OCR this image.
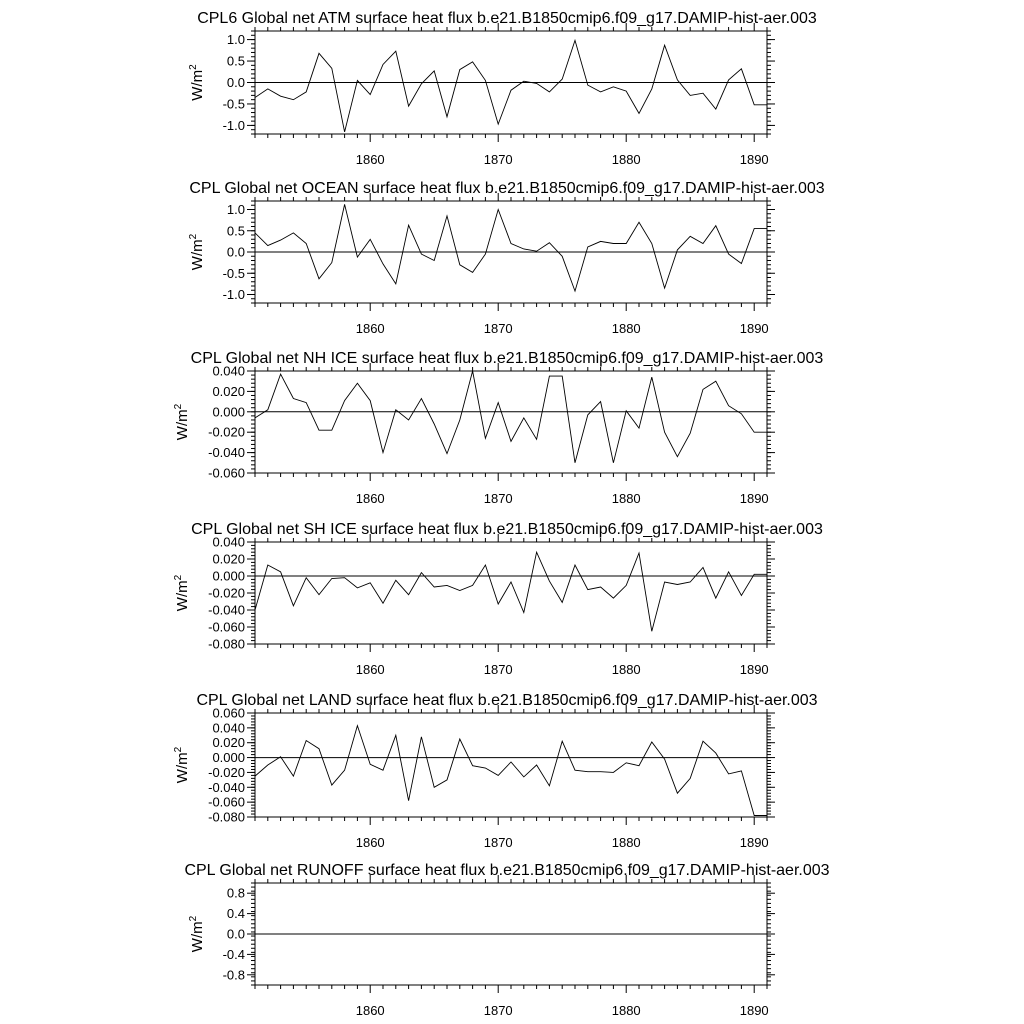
CPL6 Global net ATM surface heat flux b.e21.B1850cmip6.f09_g17.DAMIP-hist-aer.003
1860	1870	1880	1890
1.0
0.5
0.0
-0.5
-1.0
$W/m^2$
CPL Global net OCEAN surface heat flux b.e21.B1850cmip6.f09_g17.DAMIP-hist-aer.003
1860	1870	1880	1890
1.0
0.5
0.0
-0.5
-1.0
$W/m^2$
CPL Global net NH ICE surface heat flux b.e21.B1850cmip6.f09_g17.DAMIP-hist-aer.003
1860	1870	1880	1890
0.040
0.020
0.000
-0.020
-0.040
-0.060
$W/m^2$
CPL Global net SH ICE surface heat flux b.e21.B1850cmip6.f09_g17.DAMIP-hist-aer.003
1860	1870	1880	1890
0.040
0.020
0.000
-0.020
-0.040
-0.060
-0.080
$W/m^2$
CPL Global net LAND surface heat flux b.e21.B1850cmip6.f09_g17.DAMIP-hist-aer.003
1860	1870	1880	1890
0.060
0.040
0.020
0.000
-0.020
-0.040
-0.060
-0.080
$W/m^2$
CPL Global net RUNOFF surface heat flux b.e21.B1850cmip6.f09_g17.DAMIP-hist-aer.003
1860	1870	1880	1890
0.8
0.4
0.0
-0.4
-0.8
$W/m^2$
